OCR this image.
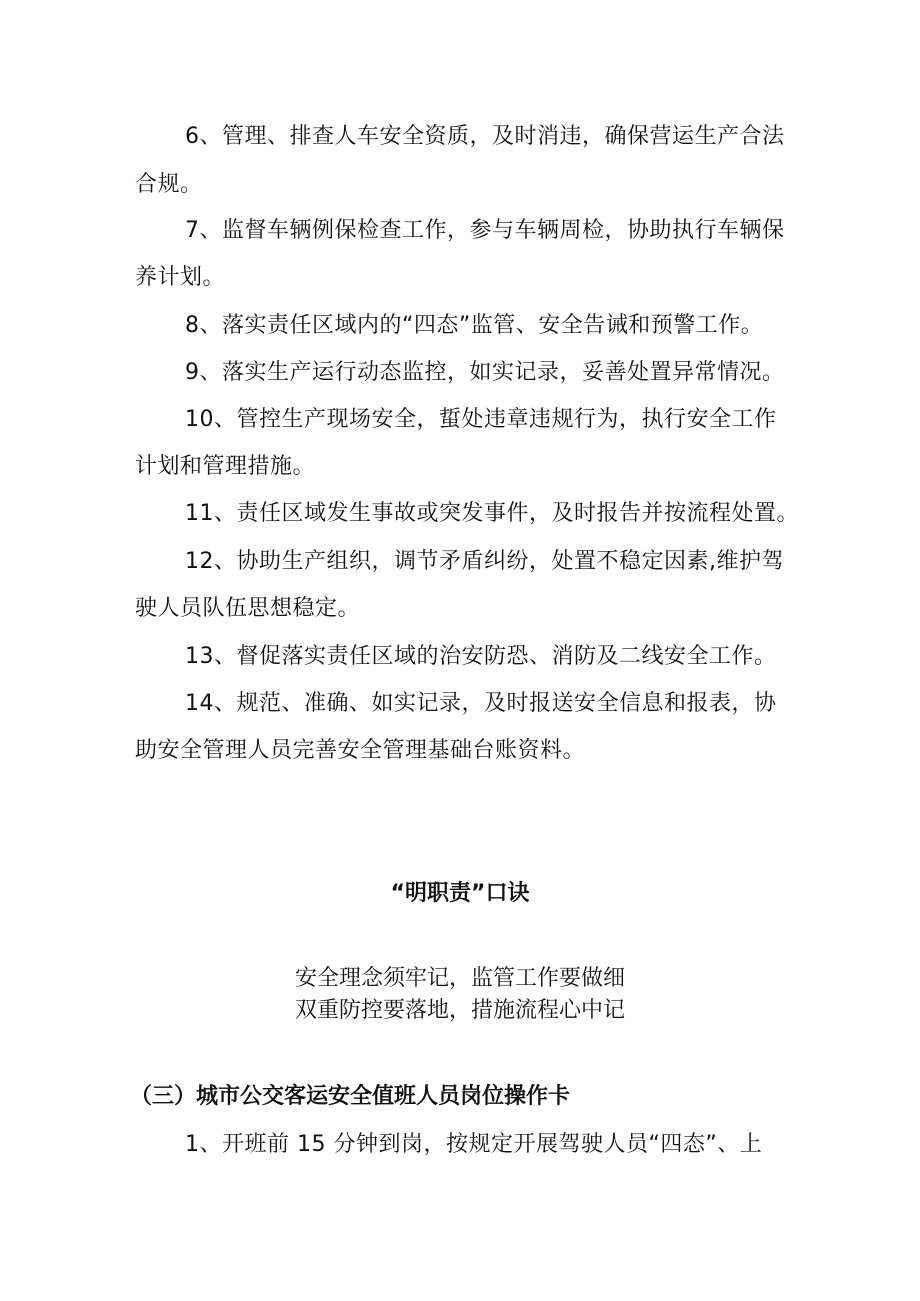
6、管理、排查人车安全资质，及时消违，确保营运生产合法
合规。
7、监督车辆例保检查工作，参与车辆周检，协助执行车辆保
养计划。
8、落实责任区域内的“四态”监管、安全告诫和预警工作。
9、落实生产运行动态监控，如实记录，妥善处置异常情况。
10、管控生产现场安全，蜇处违章违规行为，执行安全工作
计划和管理措施。
11、责任区域发生事故或突发事件，及时报告并按流程处置。
12、协助生产组织，调节矛盾纠纷，处置不稳定因素,维护驾
驶人员队伍思想稳定。
13、督促落实责任区域的治安防恐、消防及二线安全工作。
14、规范、准确、如实记录，及时报送安全信息和报表，协
助安全管理人员完善安全管理基础台账资料。
“明职责”口诀
安全理念须牢记，监管工作要做细
双重防控要落地，措施流程心中记
（三）城市公交客运安全值班人员岗位操作卡
1、开班前 15 分钟到岗，按规定开展驾驶人员“四态”、上
